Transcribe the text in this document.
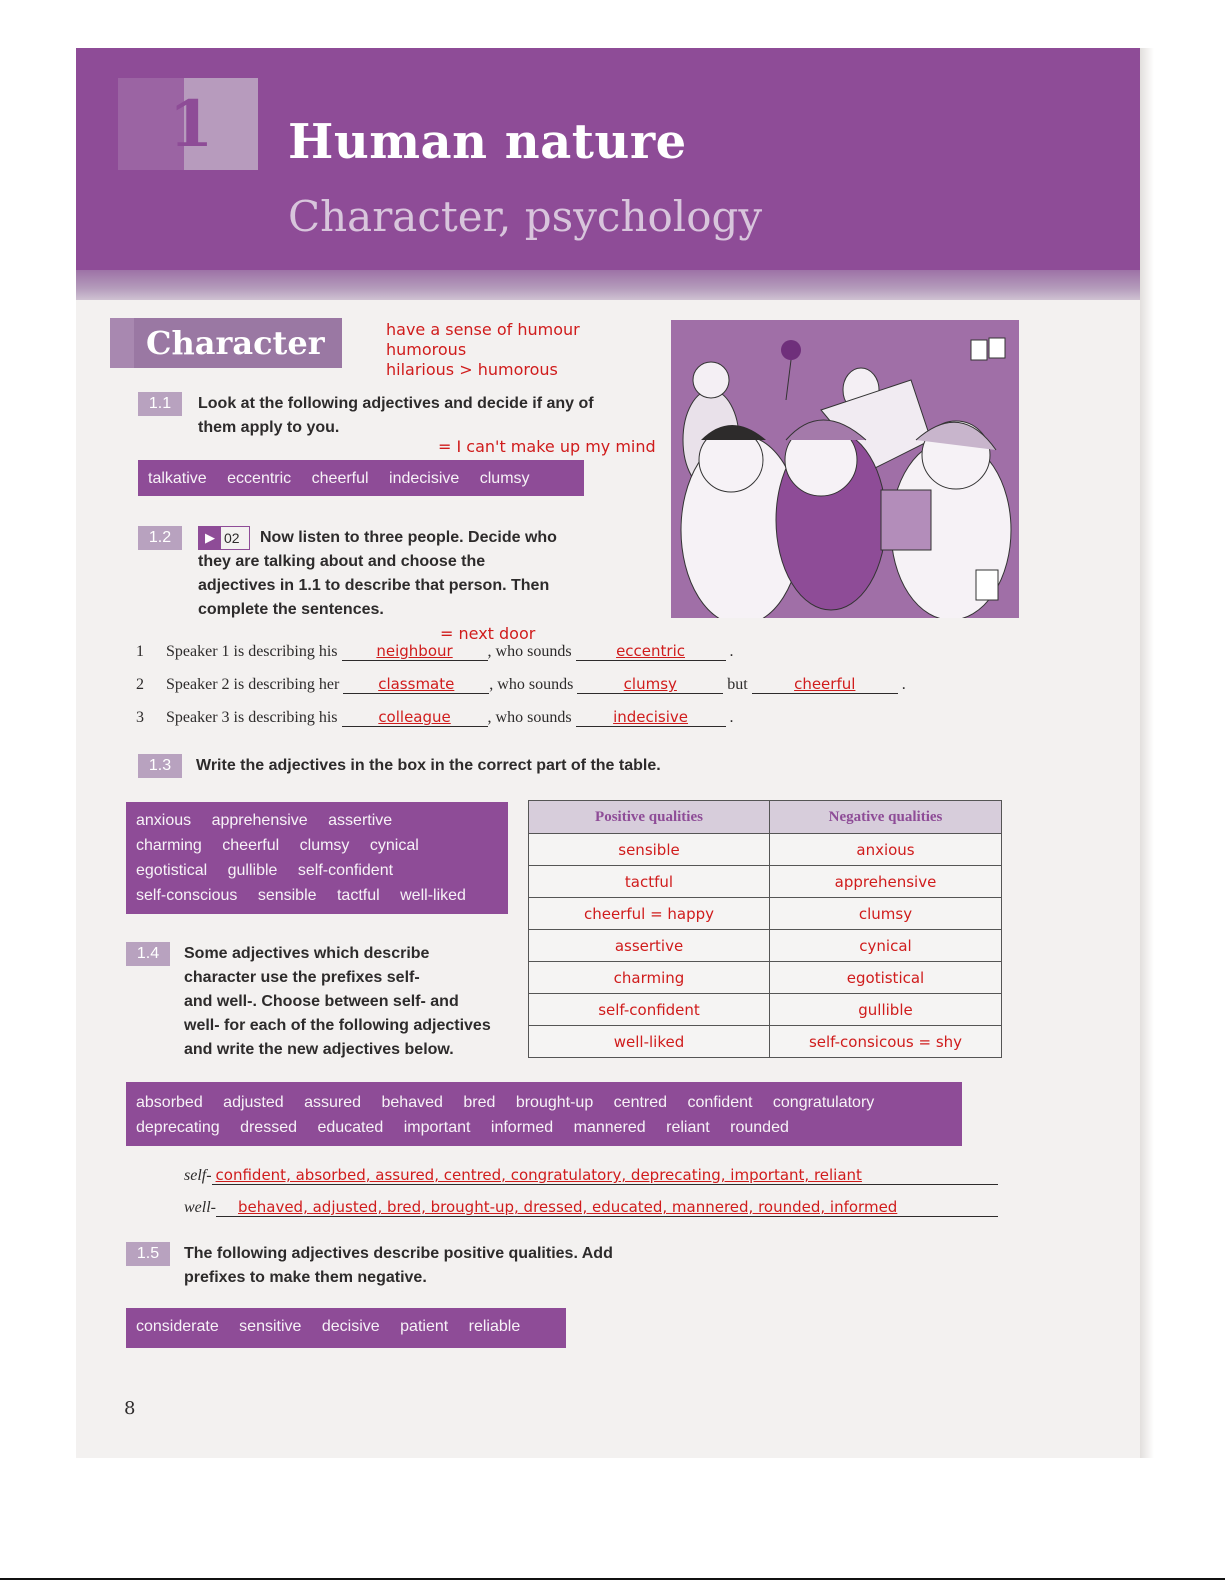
1 Human nature
Character, psychology
Character	have a sense of humour
humorous
hilarious > humorous
1.1	Look at the following adjectives and decide if any of them apply to you.

= I can't make up my mind
talkative eccentric cheerful indecisive clumsy
1.2	▶ 02	Now listen to three people. Decide who they are talking about and choose the adjectives in 1.1 to describe that person. Then complete the sentences.

= next door
1 Speaker 1 is describing his	neighbour , who sounds	eccentric	.
2 Speaker 2 is describing her	classmate , who sounds	clumsy	but	cheerful	.
3 Speaker 3 is describing his	colleague , who sounds	indecisive	.
1.3	Write the adjectives in the box in the correct part of the table.

anxious apprehensive assertive
charming cheerful clumsy cynical
egotistical gullible self-confident
self-conscious sensible tactful well-liked
Positive qualities	Negative qualities
sensible	anxious
tactful	apprehensive
cheerful = happy	clumsy
assertive	cynical
charming	egotistical
self-confident	gullible
well-liked	self-consicous = shy
1.4	Some adjectives which describe
character use the prefixes self-
and well-. Choose between self- and
well- for each of the following adjectives
and write the new adjectives below.
absorbed adjusted assured behaved bred brought-up centred confident congratulatory
deprecating dressed educated important informed mannered reliant rounded
self- confident, absorbed, assured, centred, congratulatory, deprecating, important, reliant
well- behaved, adjusted, bred, brought-up, dressed, educated, mannered, rounded, informed
1.5	The following adjectives describe positive qualities. Add prefixes to make them negative.

considerate sensitive decisive patient reliable
8
